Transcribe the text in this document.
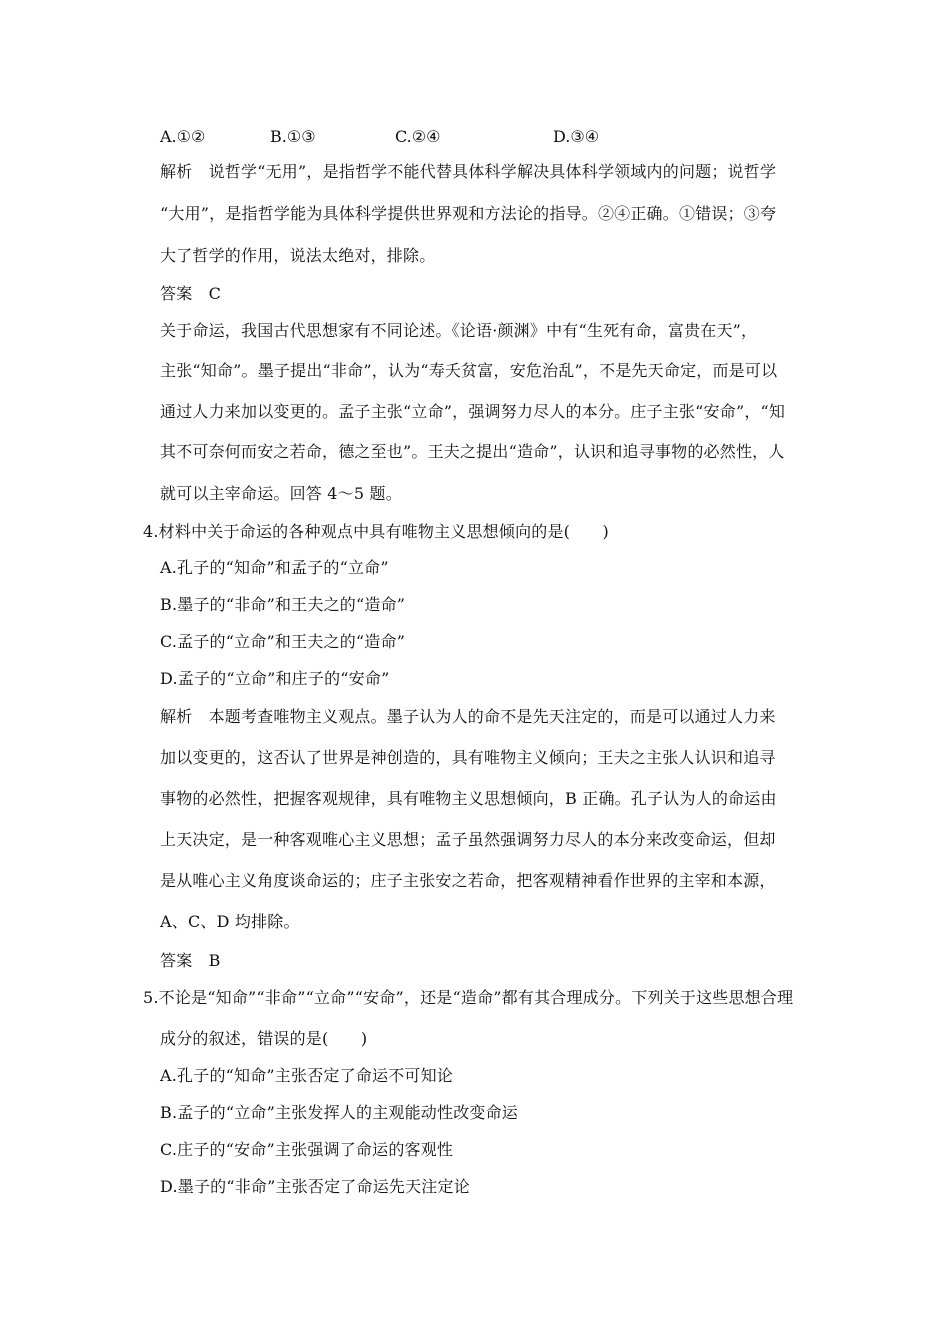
A.①②	B.①③	C.②④	D.③④
解析　说哲学“无用”，是指哲学不能代替具体科学解决具体科学领域内的问题；说哲学
“大用”，是指哲学能为具体科学提供世界观和方法论的指导。②④正确。①错误；③夸
大了哲学的作用，说法太绝对，排除。
答案　C
关于命运，我国古代思想家有不同论述。《论语·颜渊》中有“生死有命，富贵在天”，
主张“知命”。墨子提出“非命”，认为“寿夭贫富，安危治乱”，不是先天命定，而是可以
通过人力来加以变更的。孟子主张“立命”，强调努力尽人的本分。庄子主张“安命”，“知
其不可奈何而安之若命，德之至也”。王夫之提出“造命”，认识和追寻事物的必然性，人
就可以主宰命运。回答 4～5 题。
4.材料中关于命运的各种观点中具有唯物主义思想倾向的是(　　)
A.孔子的“知命”和孟子的“立命”
B.墨子的“非命”和王夫之的“造命”
C.孟子的“立命”和王夫之的“造命”
D.孟子的“立命”和庄子的“安命”
解析　本题考查唯物主义观点。墨子认为人的命不是先天注定的，而是可以通过人力来
加以变更的，这否认了世界是神创造的，具有唯物主义倾向；王夫之主张人认识和追寻
事物的必然性，把握客观规律，具有唯物主义思想倾向，B 正确。孔子认为人的命运由
上天决定，是一种客观唯心主义思想；孟子虽然强调努力尽人的本分来改变命运，但却
是从唯心主义角度谈命运的；庄子主张安之若命，把客观精神看作世界的主宰和本源，
A、C、D 均排除。
答案　B
5.不论是“知命”“非命”“立命”“安命”，还是“造命”都有其合理成分。下列关于这些思想合理
成分的叙述，错误的是(　　)
A.孔子的“知命”主张否定了命运不可知论
B.孟子的“立命”主张发挥人的主观能动性改变命运
C.庄子的“安命”主张强调了命运的客观性
D.墨子的“非命”主张否定了命运先天注定论
